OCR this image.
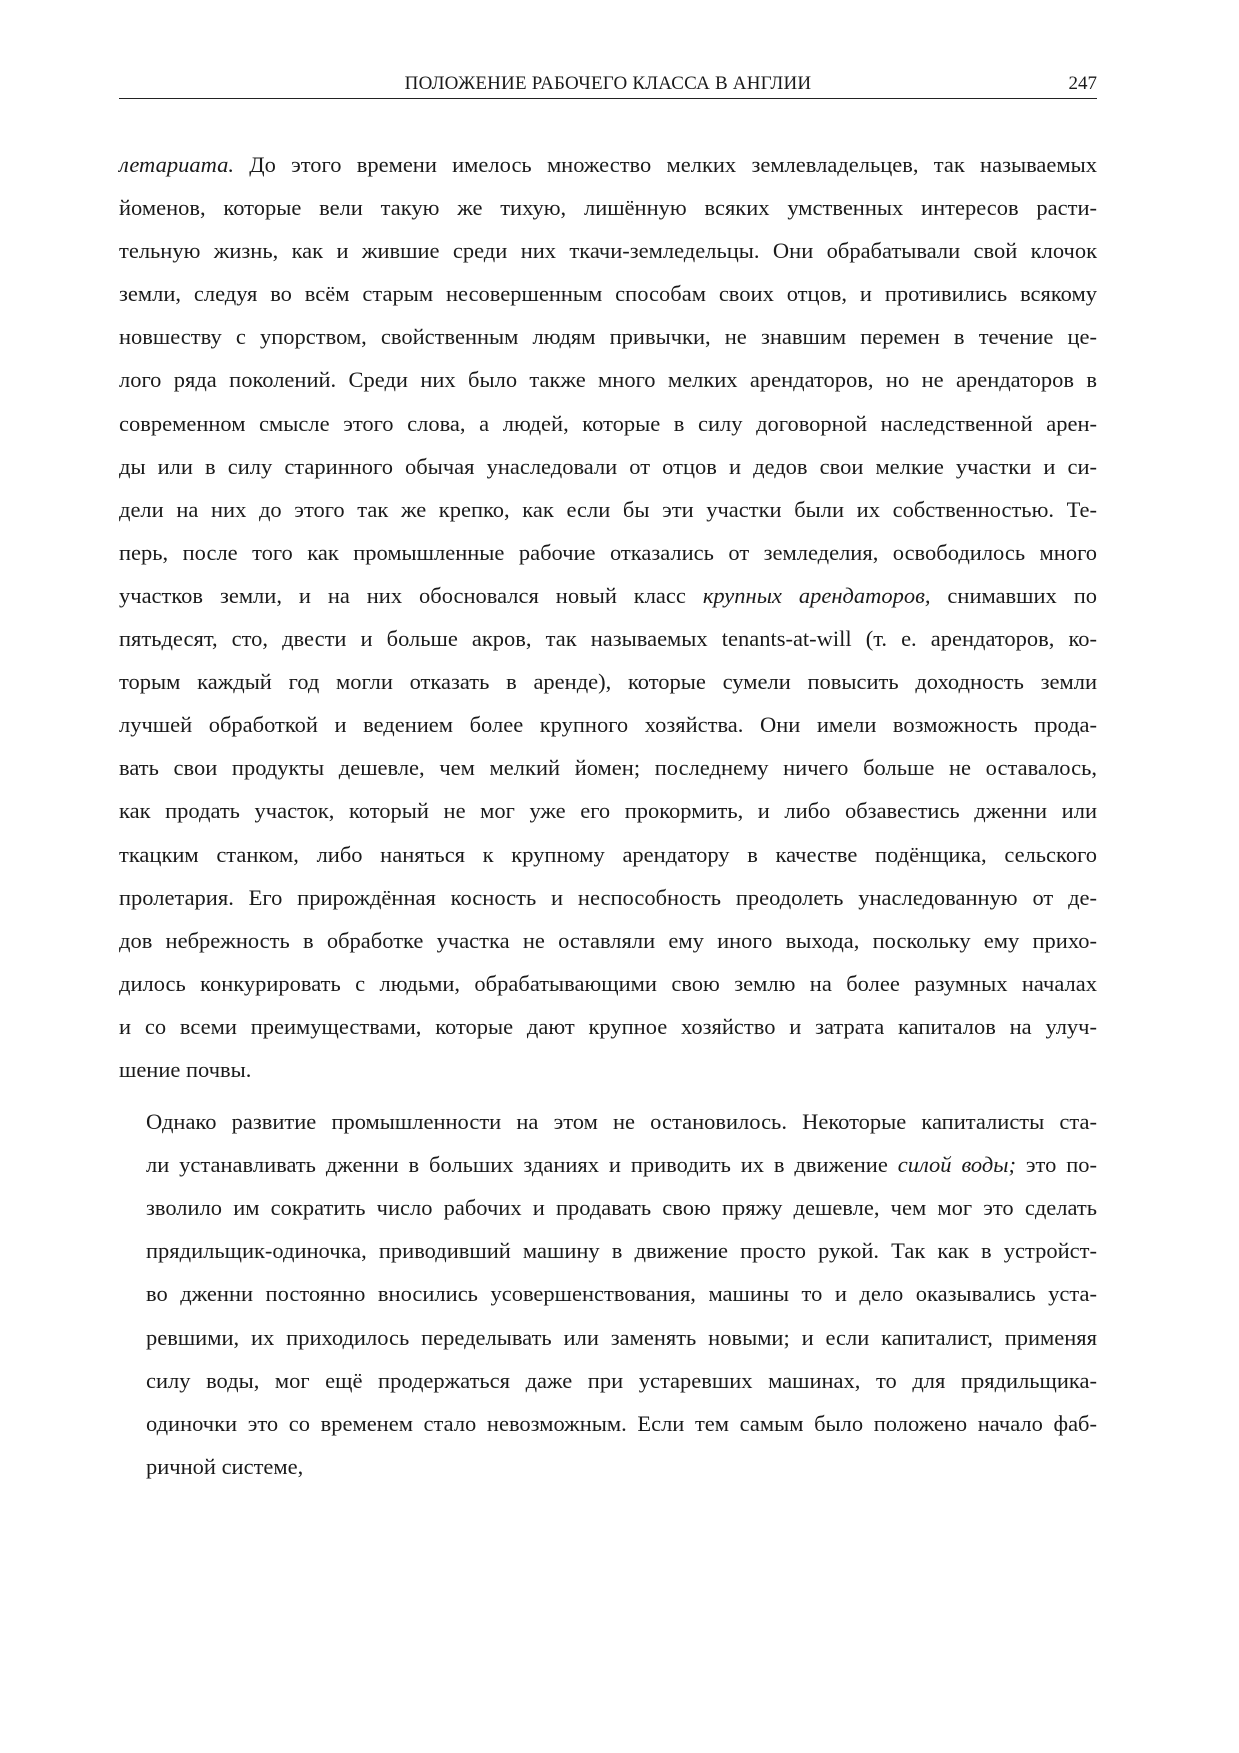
ПОЛОЖЕНИЕ РАБОЧЕГО КЛАССА В АНГЛИИ	247

летариата. До этого времени имелось множество мелких землевладельцев, так называемых
йоменов, которые вели такую же тихую, лишённую всяких умственных интересов расти-
тельную жизнь, как и жившие среди них ткачи-земледельцы. Они обрабатывали свой клочок
земли, следуя во всём старым несовершенным способам своих отцов, и противились всякому
новшеству с упорством, свойственным людям привычки, не знавшим перемен в течение це-
лого ряда поколений. Среди них было также много мелких арендаторов, но не арендаторов в
современном смысле этого слова, а людей, которые в силу договорной наследственной арен-
ды или в силу старинного обычая унаследовали от отцов и дедов свои мелкие участки и си-
дели на них до этого так же крепко, как если бы эти участки были их собственностью. Те-
перь, после того как промышленные рабочие отказались от земледелия, освободилось много
участков земли, и на них обосновался новый класс крупных арендаторов, снимавших по
пятьдесят, сто, двести и больше акров, так называемых tenants-at-will (т. е. арендаторов, ко-
торым каждый год могли отказать в аренде), которые сумели повысить доходность земли
лучшей обработкой и ведением более крупного хозяйства. Они имели возможность прода-
вать свои продукты дешевле, чем мелкий йомен; последнему ничего больше не оставалось,
как продать участок, который не мог уже его прокормить, и либо обзавестись дженни или
ткацким станком, либо наняться к крупному арендатору в качестве подёнщика, сельского
пролетария. Его прирождённая косность и неспособность преодолеть унаследованную от де-
дов небрежность в обработке участка не оставляли ему иного выхода, поскольку ему прихо-
дилось конкурировать с людьми, обрабатывающими свою землю на более разумных началах
и со всеми преимуществами, которые дают крупное хозяйство и затрата капиталов на улуч-
шение почвы.

Однако развитие промышленности на этом не остановилось. Некоторые капиталисты ста-
ли устанавливать дженни в больших зданиях и приводить их в движение силой воды; это по-
зволило им сократить число рабочих и продавать свою пряжу дешевле, чем мог это сделать
прядильщик-одиночка, приводивший машину в движение просто рукой. Так как в устройст-
во дженни постоянно вносились усовершенствования, машины то и дело оказывались уста-
ревшими, их приходилось переделывать или заменять новыми; и если капиталист, применяя
силу воды, мог ещё продержаться даже при устаревших машинах, то для прядильщика-
одиночки это со временем стало невозможным. Если тем самым было положено начало фаб-
ричной системе,
